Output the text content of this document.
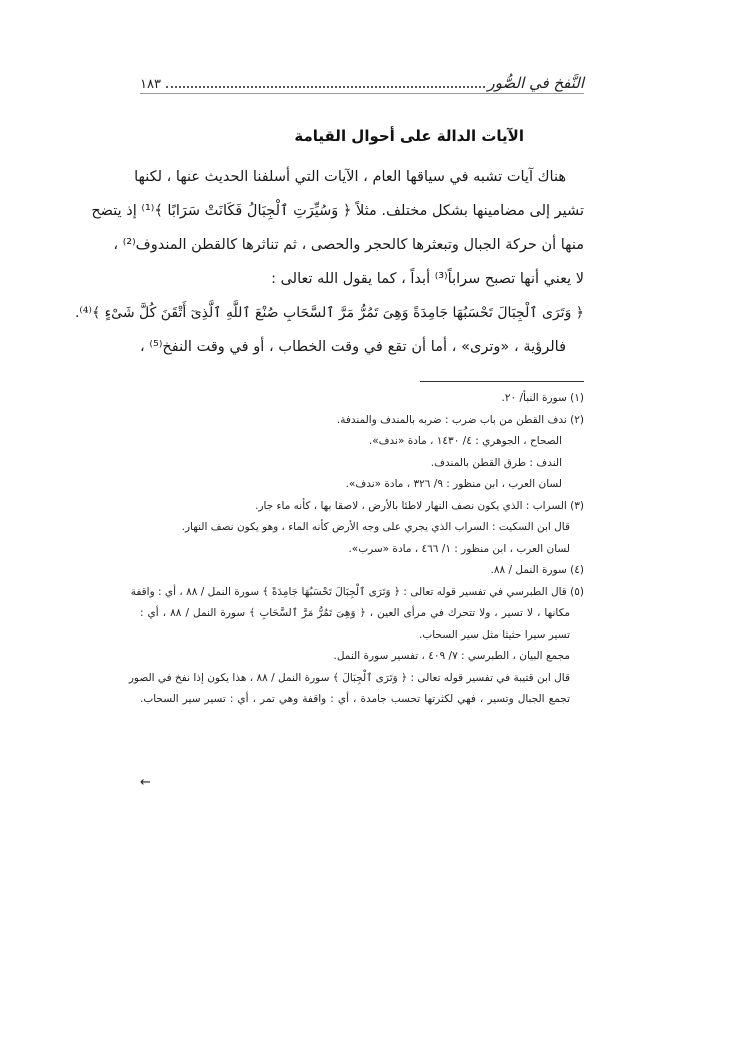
١٨٣	النَّفخ في الصُّور
الآيات الدالة على أحوال القيامة
هناك آيات تشبه في سياقها العام ، الآيات التي أسلفنا الحديث عنها ، لكنها
تشير إلى مضامينها بشكل مختلف. مثلاً ﴿ وَسُيِّرَتِ ٱلْجِبَالُ فَكَانَتْ سَرَابًا ﴾⁽¹⁾ إذ يتضح
منها أن حركة الجبال وتبعثرها كالحجر والحصى ، ثم تناثرها كالقطن المندوف⁽²⁾ ،
لا يعني أنها تصبح سراباً⁽³⁾ أبداً ، كما يقول الله تعالى :
﴿ وَتَرَى ٱلْجِبَالَ تَحْسَبُهَا جَامِدَةً وَهِىَ تَمُرُّ مَرَّ ٱلسَّحَابِ صُنْعَ ٱللَّهِ ٱلَّذِىٓ أَتْقَنَ كُلَّ شَىْءٍ ﴾⁽⁴⁾.
فالرؤية ، «وترى» ، أما أن تقع في وقت الخطاب ، أو في وقت النفخ⁽⁵⁾ ،
(١) سورة النبأ/ ٢٠.
(٢) ندف القطن من باب ضرب : ضربه بالمندف والمندفة.
الصحاح ، الجوهري : ٤/ ١٤٣٠ ، مادة «ندف».
الندف : طرق القطن بالمندف.
لسان العرب ، ابن منظور : ٩/ ٣٢٦ ، مادة «ندف».
(٣) السراب : الذي يكون نصف النهار لاطئا بالأرض ، لاصقا بها ، كأنه ماء جار.
قال ابن السكيت : السراب الذي يجري على وجه الأرض كأنه الماء ، وهو يكون نصف النهار.
لسان العرب ، ابن منظور : ١/ ٤٦٦ ، مادة «سرب».
(٤) سورة النمل / ٨٨.
(٥) قال الطبرسي في تفسير قوله تعالى : ﴿ وَتَرَى ٱلْجِبَالَ تَحْسَبُهَا جَامِدَةً ﴾ سورة النمل / ٨٨ ، أي : واقفة
مكانها ، لا تسير ، ولا تتحرك في مرأى العين ، ﴿ وَهِىَ تَمُرُّ مَرَّ ٱلسَّحَابِ ﴾ سورة النمل / ٨٨ ، أي :
تسير سيرا حثيثا مثل سير السحاب.
مجمع البيان ، الطبرسي : ٧/ ٤٠٩ ، تفسير سورة النمل.
قال ابن قتيبة في تفسير قوله تعالى : ﴿ وَتَرَى ٱلْجِبَالَ ﴾ سورة النمل / ٨٨ ، هذا يكون إذا نفخ في الصور
تجمع الجبال وتسير ، فهي لكثرتها تحسب جامدة ، أي : واقفة وهي تمر ، أي : تسير سير السحاب.
←
